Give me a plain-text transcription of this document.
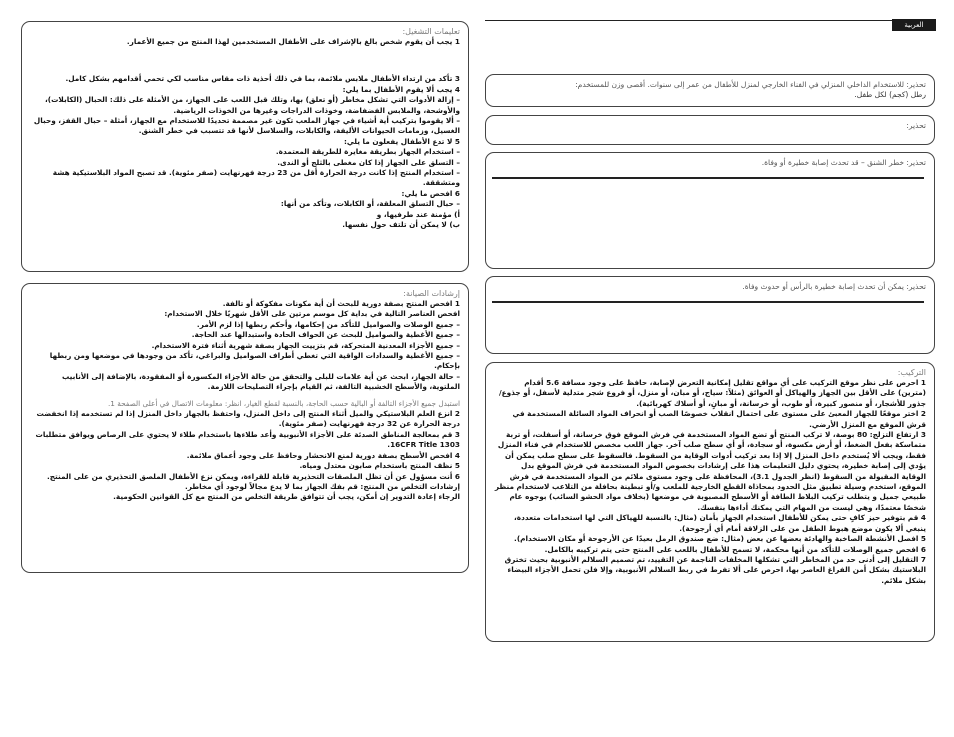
العربية
تعليمات التشغيل:

1 يجب أن يقوم شخص بالغ بالإشراف على الأطفال المستخدمين لهذا المنتج من جميع الأعمار.

3 تأكد من ارتداء الأطفال ملابس ملائمة، بما في ذلك أحذية ذات مقاس مناسب لكي تحمي أقدامهم بشكل كامل.

4 يجب ألا يقوم الأطفال بما يلي:

– إزالة الأدوات التي تشكل مخاطر (أو تعلق) بها، وتلك قبل اللعب على الجهاز، من الأمثلة على ذلك: الحبال (الكابلات)، والأوشحة، والملابس الفضفاضة، وخوذات الدراجات وغيرها من الخوذات الرياضية.

– ألا يقوموا بتركيب أية أشياء في جهاز الملعب تكون غير مصممة تحديدًا للاستخدام مع الجهاز، أمثلة – حبال القفز، وحبال الغسيل، وزمامات الحيوانات الأليفة، والكابلات، والسلاسل لأنها قد تتسبب في خطر الشنق.

5 لا تدع الأطفال يفعلون ما يلي:

– استخدام الجهاز بطريقة مغايرة للطريقة المعتمدة.

– التسلق على الجهاز إذا كان مغطى بالثلج أو الندى.

– استخدام المنتج إذا كانت درجة الحرارة أقل من 23 درجة فهرنهايت (صفر مئوية). قد تصبح المواد البلاستيكية هشة ومتشققة.

6 افحص ما يلي:

– حبال التسلق المعلقة، أو الكابلات، وتأكد من أنها:

أ) مؤمنة عند طرفيها، و

ب) لا يمكن أن تلتف حول نفسها.

إرشادات الصيانة:

1 افحص المنتج بصفة دورية للبحث أن أية مكونات مفكوكة أو تالفة.

افحص العناصر التالية في بداية كل موسم مرتين على الأقل شهريًا خلال الاستخدام:

– جميع الوصلات والصواميل للتأكد من إحكامها، وأحكم ربطها إذا لزم الأمر.

– جميع الأغطية والصواميل للبحث عن الحواف الحادة واستبدالها عند الحاجة.

– جميع الأجزاء المعدنية المتحركة، قم بتزييت الجهاز بصفة شهرية أثناء فترة الاستخدام.

– جميع الأغطية والسدادات الواقية التي تغطي أطراف الصواميل والبراغي، تأكد من وجودها في موضعها ومن ربطها بإحكام.

– حالة الجهاز، ابحث عن أية علامات للبلى والتحقق من حالة الأجزاء المكسورة أو المفقودة، بالإضافة إلى الأنابيب الملتوية، والأسطح الخشبية التالفة، ثم القيام بإجراء التصليحات اللازمة.

استبدل جميع الأجزاء التالفة أو البالية حسب الحاجة، بالنسبة لقطع الغيار، انظر: معلومات الاتصال في أعلى الصفحة 1.

2 انزع العلم البلاستيكي والميل أثناء المنتج إلى داخل المنزل، واحتفظ بالجهاز داخل المنزل إذا لم تستخدمه إذا انخفضت درجة الحرارة عن 32 درجة فهرنهايت (صفر مئوية).

3 قم بمعالجة المناطق الصدئة على الأجزاء الأنبوبية وأعد طلاءها باستخدام طلاء لا يحتوي على الرصاص ويوافق متطلبات 16CFR Title 1303.

4 افحص الأسطح بصفة دورية لمنع الانحشار وحافظ على وجود أعماق ملائمة.

5 نظف المنتج باستخدام صابون معتدل ومياه.

6 أنت مسؤول عن أن تظل الملصقات التحذيرية قابلة للقراءة، ويمكن نزع الأطفال الملصق التحذيري من على المنتج.

إرشادات التخلص من المنتج: قم بفك الجهاز بما لا يدع مجالاً لوجود أي مخاطر.

الرجاء إعادة التدوير إن أمكن، يجب أن تتوافق طريقة التخلص من المنتج مع كل القوانين الحكومية.

تحذير: للاستخدام الداخلي المنزلي في الفناء الخارجي لمنزل للأطفال من عمر إلى سنوات. أقصى وزن للمستخدم:

رطل (كجم) لكل طفل.

تحذير:

تحذير: خطر الشنق – قد تحدث إصابة خطيرة أو وفاة.

تحذير: يمكن أن تحدث إصابة خطيرة بالرأس أو حدوث وفاة.

التركيب:

1 احرص على نظر موقع التركيب على أي مواقع تقليل إمكانية التعرض لإصابة، حافظ على وجود مسافة 5.6 أقدام (مترين) على الأقل بين الجهاز والهياكل أو العوائق (مثلاً: سياج، أو مبان، أو منزل، أو فروع شجر متدلية لأسفل، أو جذوع/جذور للأشجار، أو منصور كبيرة، أو طوب، أو خرسانة، أو مبانٍ، أو أسلاك كهربائية).

2 اختر موقعًا للجهاز المعبئ على مستوى على احتمال انقلاب خصوصًا الصب أو انحراف المواد السائلة المستخدمة في قرش الموقع مع المنزل الأرضي.

3 ارتفاع التزلج: 80 بوصة، لا تركب المنتج أو تضع المواد المستخدمة في فرش الموقع فوق خرسانة، أو أسفلت، أو تربة متماسكة بفعل الضغط، أو أرض مكسوة، أو سجادة، أو أي سطح صلب آخر. جهاز اللعب مخصص للاستخدام في فناء المنزل فقط، ويجب ألا يُستخدم داخل المنزل إلا إذا بعد تركيب أدوات الوقاية من السقوط. فالسقوط على سطح صلب يمكن أن يؤدي إلى إصابة خطيرة، يحتوي دليل التعليمات هذا على إرشادات بخصوص المواد المستخدمة في فرش الموقع بدل الوقاية المقبولة من السقوط (انظر الجدول 3.1)، المحافظة على وجود مستوى ملائم من المواد المستخدمة في فرش الموقع، استخدم وسيلة تطبيق مثل الحدود بمحاذاة القطع الخارجية للملعب و/أو تبطينة بحافلة من التلاعب لاستخدام منظر طبيعي جميل و يتطلب تركيب البلاط الطافة أو الأسطح المصبوبة في موضعها (بخلاف مواد الحشو السائب) بوجوه عام شخصًا معتمدًا، وهي ليست من المهام التي يمكنك أداءها بنفسك.

4 قم بتوفير حيز كافٍ حتى يمكن للأطفال استخدام الجهاز بأمان (مثال: بالنسبة للهياكل التي لها استخدامات متعددة، ينبغي ألا يكون موضع هبوط الطفل من على الزلاقة أمام أي أرجوحة).

5 افصل الأنشطة الصاخبة والهادئة بعضها عن بعض (مثال: ضع صندوق الرمل بعيدًا عن الأرجوحة أو مكان الاستخدام).

6 افحص جميع الوصلات للتأكد من أنها محكمة، لا تسمح للأطفال باللعب على المنتج حتى يتم تركيبه بالكامل.

7 التقليل إلى أدنى حد من المخاطر التي تشكلها المخلفات الناجمة عن التقييد، تم تصميم السلالم الأنبوبية بحيث تخترق البلاستيك بشكل أمن الفراغ العاصر بها، احرص على ألا تفرط في ربط السلالم الأنبوبية، وإلا فلن تحمل الأجزاء البيضاء بشكل ملائم.
